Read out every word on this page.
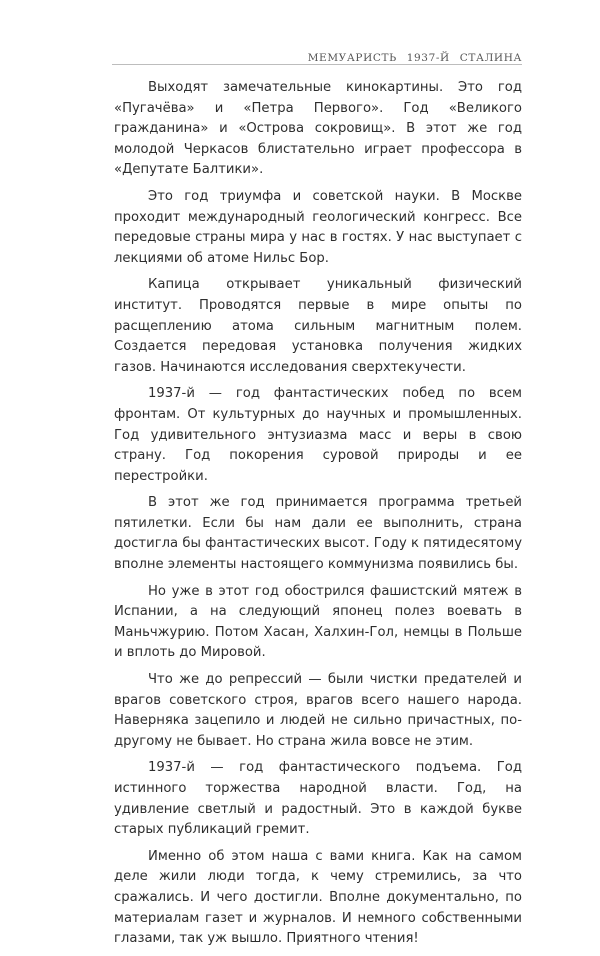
МЕМУАРИСТЬ 1937-Й СТАЛИНА

Выходят замечательные кинокартины. Это год «Пугачёва» и «Петра Первого». Год «Великого гражданина» и «Острова сокровищ». В этот же год молодой Черкасов блистательно играет профессора в «Депутате Балтики».

Это год триумфа и советской науки. В Москве проходит международный геологический конгресс. Все передовые страны мира у нас в гостях. У нас выступает с лекциями об атоме Нильс Бор.

Капица открывает уникальный физический институт. Проводятся первые в мире опыты по расщеплению атома сильным магнитным полем. Создается передовая установка получения жидких газов. Начинаются исследования сверхтекучести.

1937-й — год фантастических побед по всем фронтам. От культурных до научных и промышленных. Год удивительного энтузиазма масс и веры в свою страну. Год покорения суровой природы и ее перестройки.

В этот же год принимается программа третьей пятилетки. Если бы нам дали ее выполнить, страна достигла бы фантастических высот. Году к пятидесятому вполне элементы настоящего коммунизма появились бы.

Но уже в этот год обострился фашистский мятеж в Испании, а на следующий японец полез воевать в Маньчжурию. Потом Хасан, Халхин-Гол, немцы в Польше и вплоть до Мировой.

Что же до репрессий — были чистки предателей и врагов советского строя, врагов всего нашего народа. Наверняка зацепило и людей не сильно причастных, по-другому не бывает. Но страна жила вовсе не этим.

1937-й — год фантастического подъема. Год истинного торжества народной власти. Год, на удивление светлый и радостный. Это в каждой букве старых публикаций гремит.

Именно об этом наша с вами книга. Как на самом деле жили люди тогда, к чему стремились, за что сражались. И чего достигли. Вполне документально, по материалам газет и журналов. И немного собственными глазами, так уж вышло. Приятного чтения!
